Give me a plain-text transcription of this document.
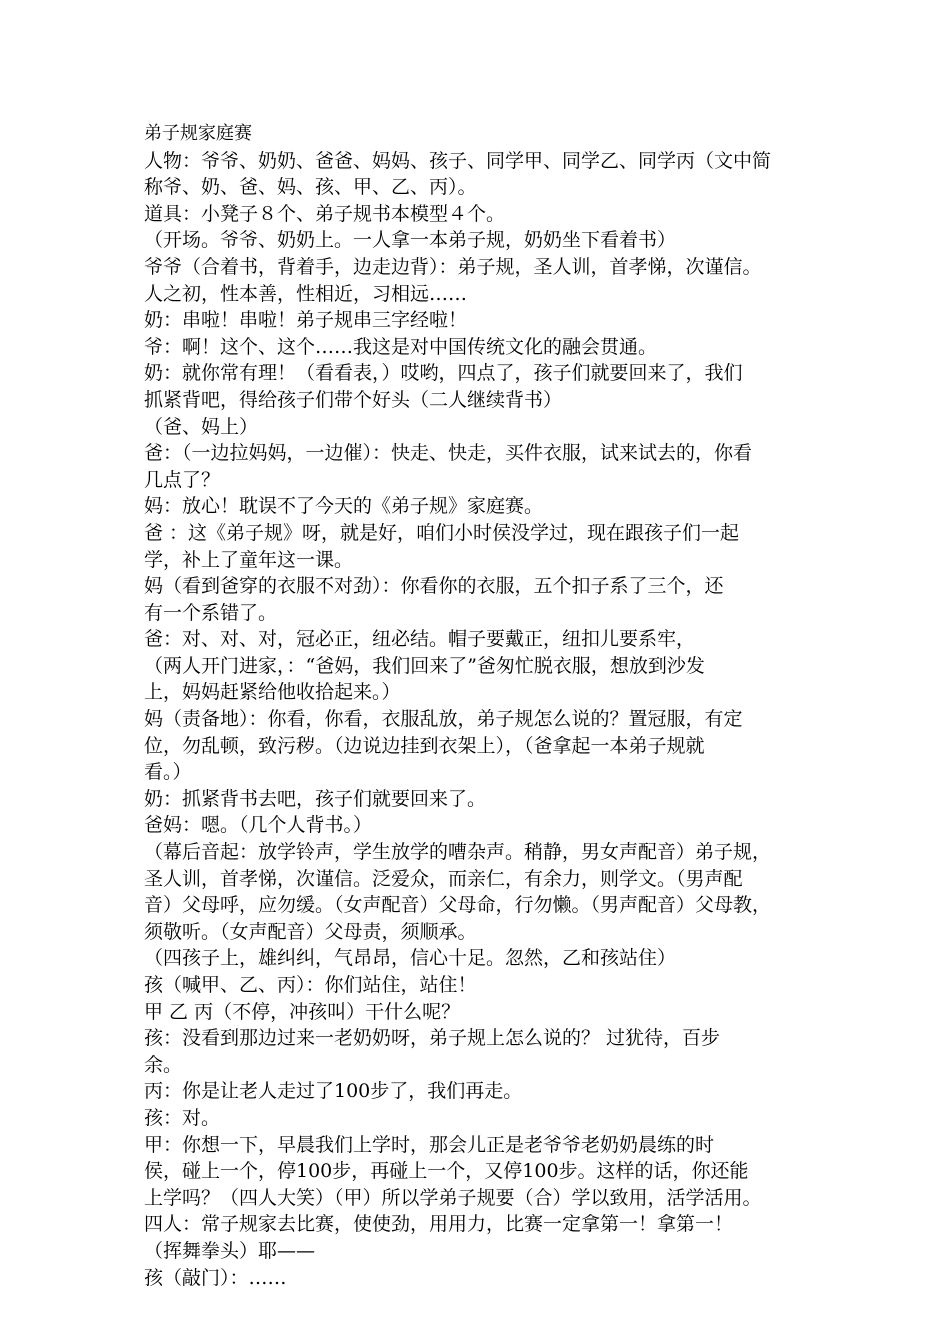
弟子规家庭赛

人物：爷爷、奶奶、爸爸、妈妈、孩子、同学甲、同学乙、同学丙（文中简

称爷、奶、爸、妈、孩、甲、乙、丙）。

道具：小凳子８个、弟子规书本模型４个。

（开场。爷爷、奶奶上。一人拿一本弟子规，奶奶坐下看着书）

爷爷（合着书，背着手，边走边背）：弟子规，圣人训，首孝悌，次谨信。

人之初，性本善，性相近，习相远……

奶：串啦！串啦！弟子规串三字经啦！

爷：啊！这个、这个……我这是对中国传统文化的融会贯通。

奶：就你常有理！（看看表，）哎哟，四点了，孩子们就要回来了，我们

抓紧背吧，得给孩子们带个好头（二人继续背书）

（爸、妈上）

爸：（一边拉妈妈，一边催）：快走、快走，买件衣服，试来试去的，你看

几点了？

妈：放心！耽误不了今天的《弟子规》家庭赛。

爸 ：这《弟子规》呀，就是好，咱们小时侯没学过，现在跟孩子们一起

学，补上了童年这一课。

妈（看到爸穿的衣服不对劲）：你看你的衣服，五个扣子系了三个，还

有一个系错了。

爸：对、对、对，冠必正，纽必结。帽子要戴正，纽扣儿要系牢，

（两人开门进家，：“爸妈，我们回来了”爸匆忙脱衣服，想放到沙发

上，妈妈赶紧给他收拾起来。）

妈（责备地）：你看，你看，衣服乱放，弟子规怎么说的？置冠服，有定

位，勿乱顿，致污秽。（边说边挂到衣架上），（爸拿起一本弟子规就

看。）

奶：抓紧背书去吧，孩子们就要回来了。

爸妈：嗯。（几个人背书。）

（幕后音起：放学铃声，学生放学的嘈杂声。稍静，男女声配音）弟子规，

圣人训，首孝悌，次谨信。泛爱众，而亲仁，有余力，则学文。（男声配

音）父母呼，应勿缓。（女声配音）父母命，行勿懒。（男声配音）父母教，

须敬听。（女声配音）父母责，须顺承。

（四孩子上，雄纠纠，气昂昂，信心十足。忽然，乙和孩站住）

孩（喊甲、乙、丙）：你们站住，站住！

甲 乙 丙（不停，冲孩叫）干什么呢？

孩：没看到那边过来一老奶奶呀，弟子规上怎么说的？ 过犹待，百步

余。

丙：你是让老人走过了100步了，我们再走。

孩：对。

甲：你想一下，早晨我们上学时，那会儿正是老爷爷老奶奶晨练的时

侯，碰上一个，停100步，再碰上一个，又停100步。这样的话，你还能

上学吗？（四人大笑）（甲）所以学弟子规要（合）学以致用，活学活用。

四人：常子规家去比赛，使使劲，用用力，比赛一定拿第一！拿第一！

（挥舞拳头）耶——

孩（敲门）：……
